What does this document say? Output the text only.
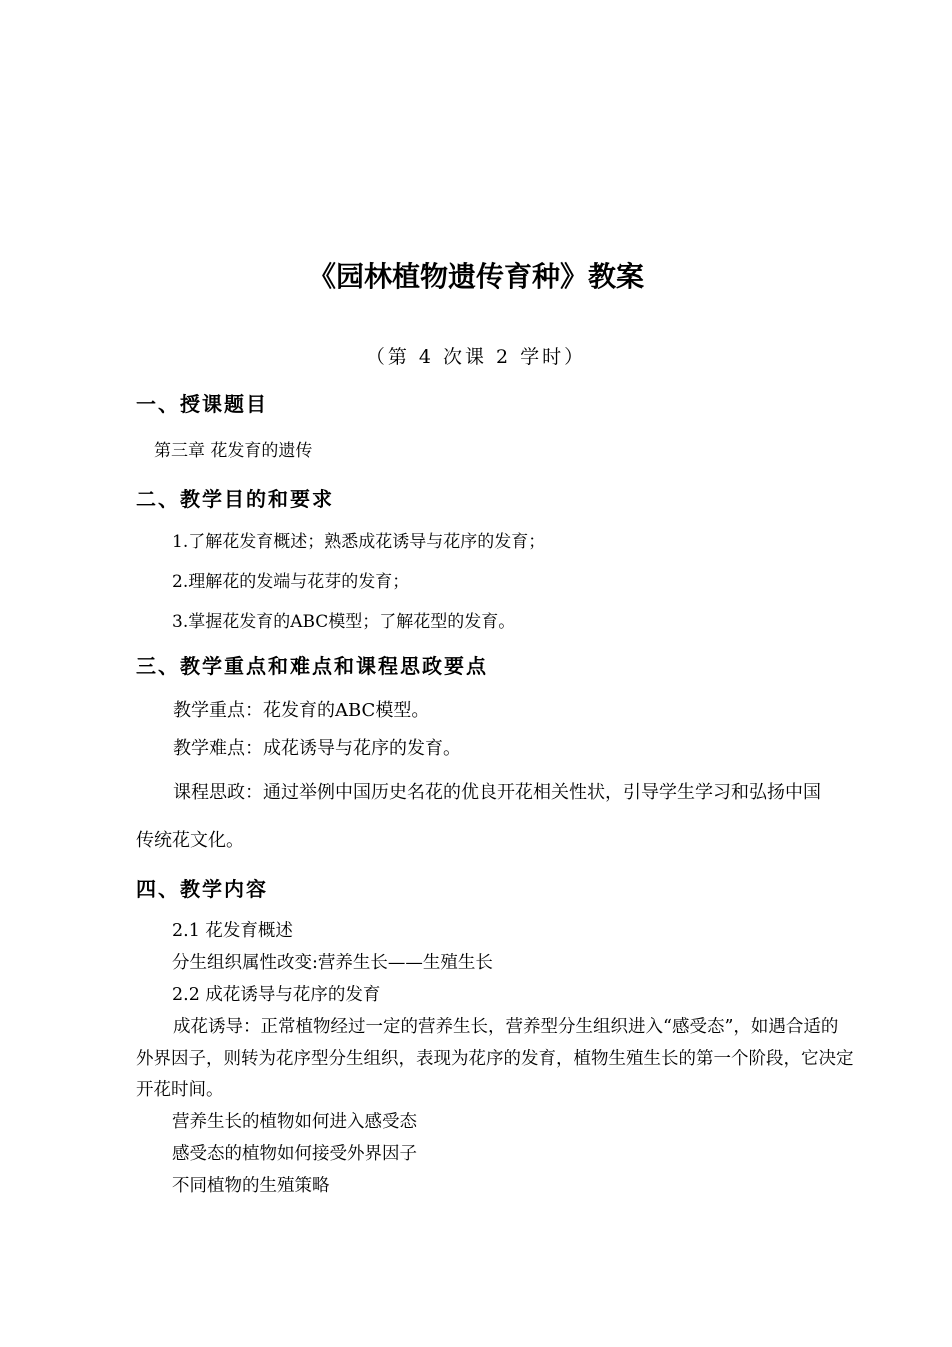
《园林植物遗传育种》教案
（第 4 次课 2 学时）
一、授课题目
第三章 花发育的遗传
二、教学目的和要求
1.了解花发育概述；熟悉成花诱导与花序的发育；
2.理解花的发端与花芽的发育；
3.掌握花发育的ABC模型；了解花型的发育。
三、教学重点和难点和课程思政要点
教学重点：花发育的ABC模型。
教学难点：成花诱导与花序的发育。
课程思政：通过举例中国历史名花的优良开花相关性状，引导学生学习和弘扬中国
传统花文化。
四、教学内容
2.1 花发育概述
分生组织属性改变:营养生长——生殖生长
2.2 成花诱导与花序的发育
成花诱导：正常植物经过一定的营养生长，营养型分生组织进入“感受态”，如遇合适的外界因子，则转为花序型分生组织，表现为花序的发育，植物生殖生长的第一个阶段，它决定开花时间。
营养生长的植物如何进入感受态
感受态的植物如何接受外界因子
不同植物的生殖策略
